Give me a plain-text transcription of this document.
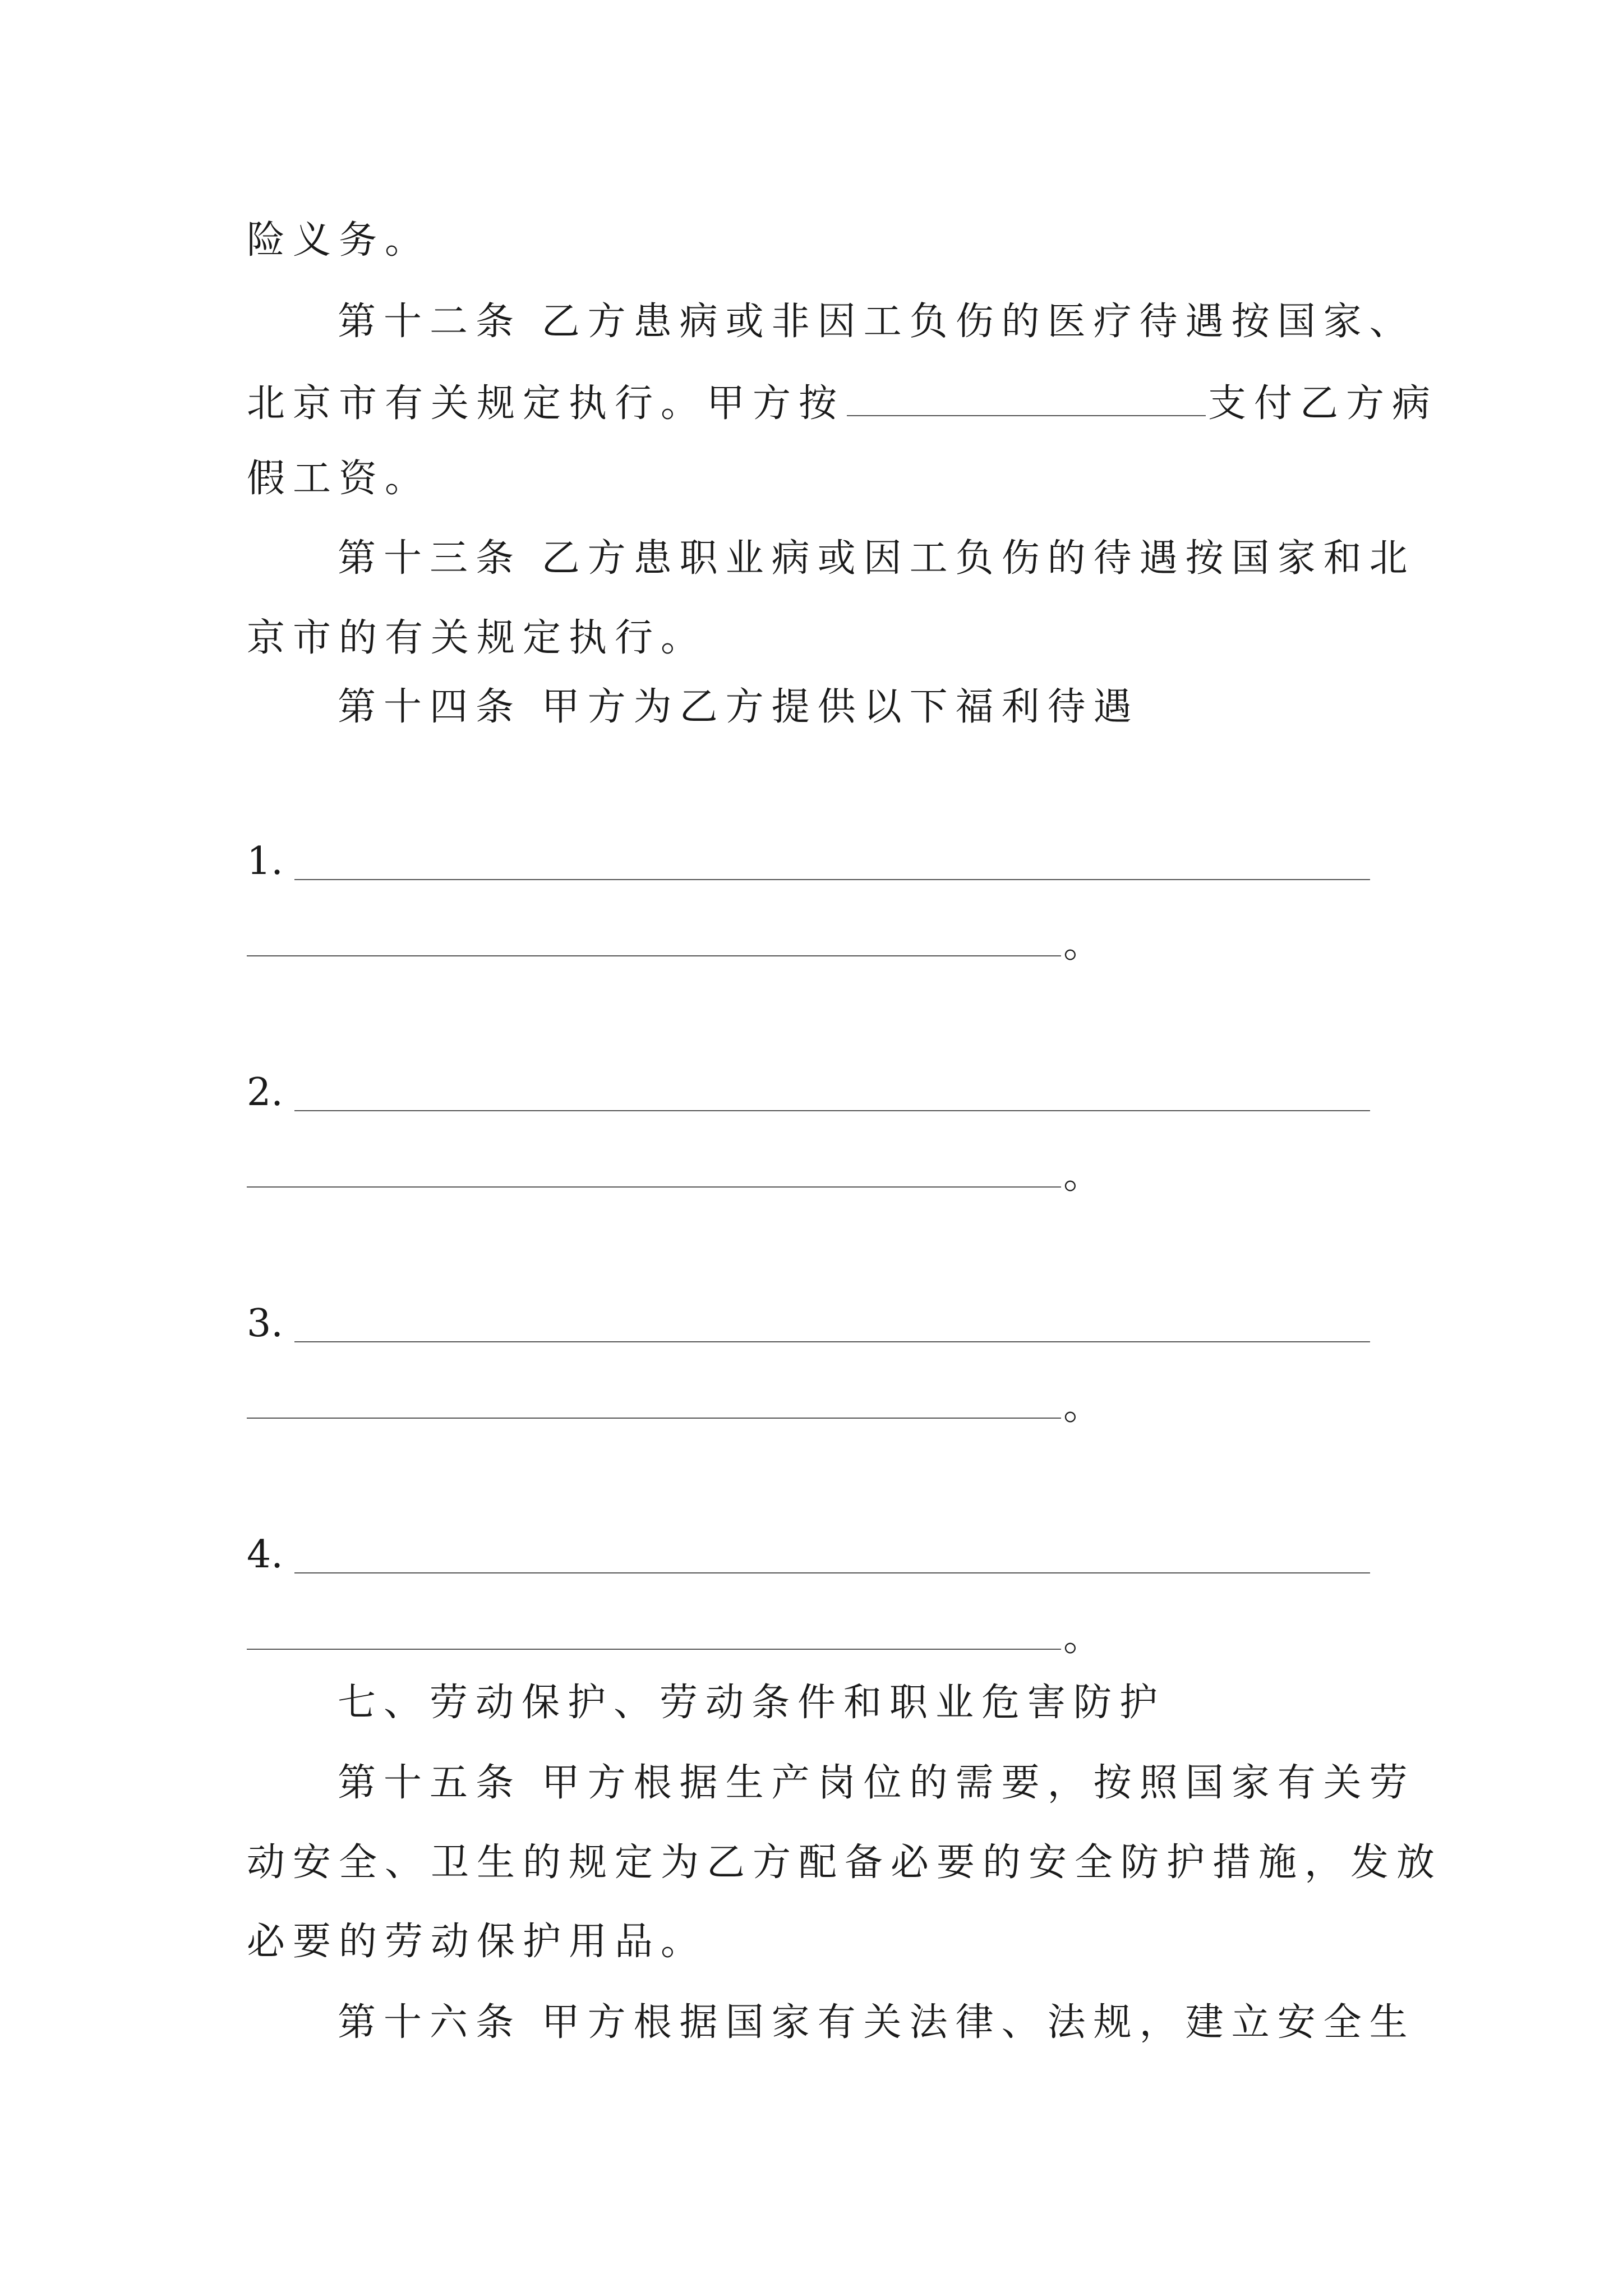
险义务。
第十二条 乙方患病或非因工负伤的医疗待遇按国家、
北京市有关规定执行。甲方按	支付乙方病
假工资。
第十三条 乙方患职业病或因工负伤的待遇按国家和北
京市的有关规定执行。
第十四条 甲方为乙方提供以下福利待遇
1.
。
2.
。
3.
。
4.
。
七、劳动保护、劳动条件和职业危害防护
第十五条 甲方根据生产岗位的需要，按照国家有关劳
动安全、卫生的规定为乙方配备必要的安全防护措施，发放
必要的劳动保护用品。
第十六条 甲方根据国家有关法律、法规，建立安全生
